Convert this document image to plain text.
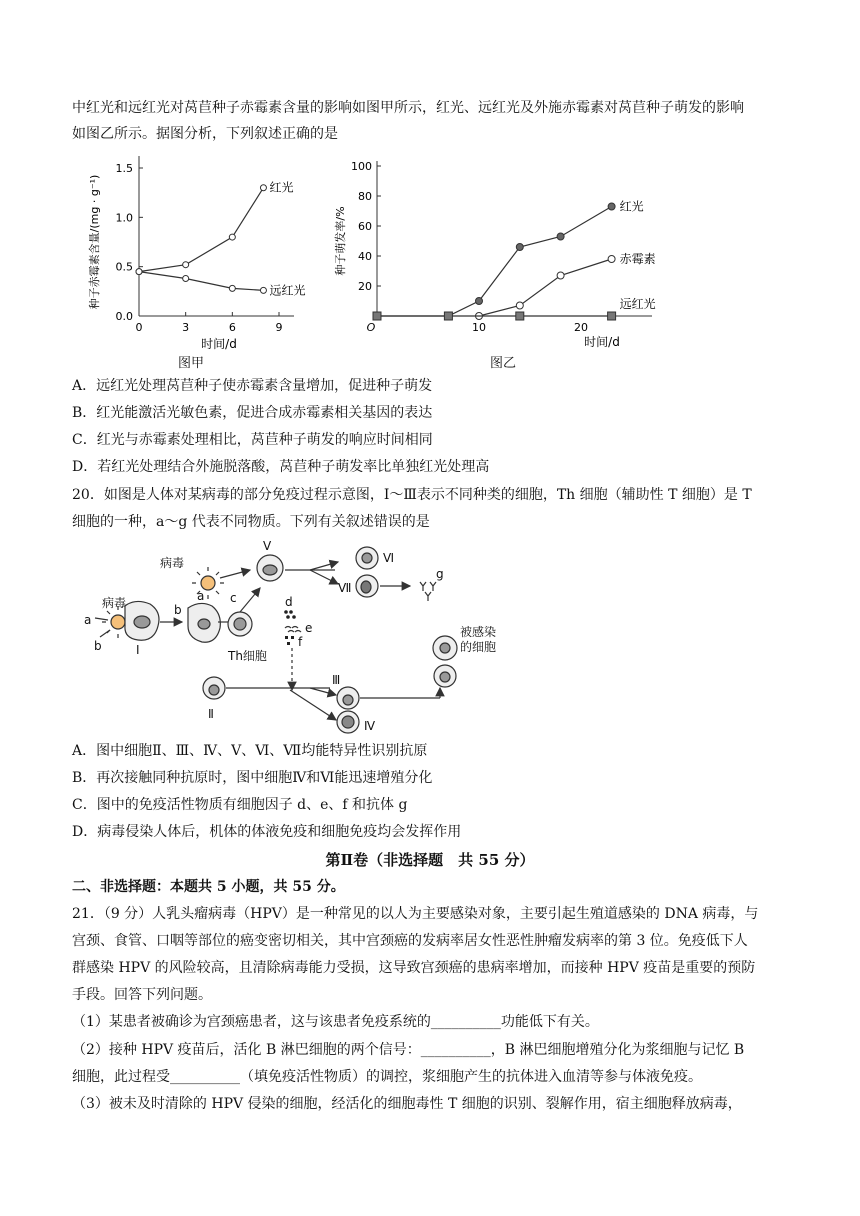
中红光和远红光对莴苣种子赤霉素含量的影响如图甲所示，红光、远红光及外施赤霉素对莴苣种子萌发的影响
如图乙所示。据图分析，下列叙述正确的是
0.0
0.5
1.0
1.5
0	3	6	9
时间/d
种子赤霉素含量/(mg · g⁻¹)	红光
远红光
图甲
20
40
60
80
100
O	10	20
时间/d
种子萌发率/%	红光
赤霉素
远红光
图乙
A．远红光处理莴苣种子使赤霉素含量增加，促进种子萌发
B．红光能激活光敏色素，促进合成赤霉素相关基因的表达
C．红光与赤霉素处理相比，莴苣种子萌发的响应时间相同
D．若红光处理结合外施脱落酸，莴苣种子萌发率比单独红光处理高
20．如图是人体对某病毒的部分免疫过程示意图，Ⅰ～Ⅲ表示不同种类的细胞，Th 细胞（辅助性 T 细胞）是 T
细胞的一种，a～g 代表不同物质。下列有关叙述错误的是
病毒
病毒
a
b	Ⅰ
b
a c
Th细胞
d
e
f
Ⅴ
Ⅵ
Ⅶ
g
Ⅱ
Ⅲ
Ⅳ
被感染
的细胞
A．图中细胞Ⅱ、Ⅲ、Ⅳ、Ⅴ、Ⅵ、Ⅶ均能特异性识别抗原
B．再次接触同种抗原时，图中细胞Ⅳ和Ⅵ能迅速增殖分化
C．图中的免疫活性物质有细胞因子 d、e、f 和抗体 g
D．病毒侵染人体后，机体的体液免疫和细胞免疫均会发挥作用
第Ⅱ卷（非选择题　共 55 分）
二、非选择题：本题共 5 小题，共 55 分。
21．（9 分）人乳头瘤病毒（HPV）是一种常见的以人为主要感染对象，主要引起生殖道感染的 DNA 病毒，与
宫颈、食管、口咽等部位的癌变密切相关，其中宫颈癌的发病率居女性恶性肿瘤发病率的第 3 位。免疫低下人
群感染 HPV 的风险较高，且清除病毒能力受损，这导致宫颈癌的患病率增加，而接种 HPV 疫苗是重要的预防
手段。回答下列问题。
（1）某患者被确诊为宫颈癌患者，这与该患者免疫系统的__________功能低下有关。
（2）接种 HPV 疫苗后，活化 B 淋巴细胞的两个信号：__________，B 淋巴细胞增殖分化为浆细胞与记忆 B
细胞，此过程受__________（填免疫活性物质）的调控，浆细胞产生的抗体进入血清等参与体液免疫。
（3）被未及时清除的 HPV 侵染的细胞，经活化的细胞毒性 T 细胞的识别、裂解作用，宿主细胞释放病毒，
